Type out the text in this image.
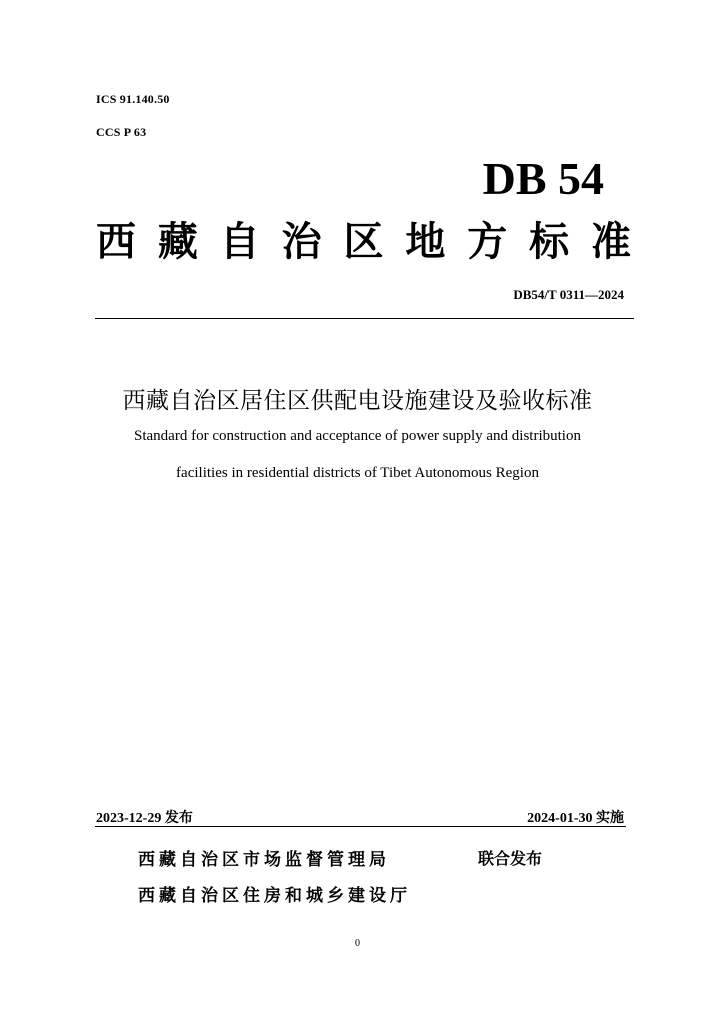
ICS 91.140.50
CCS P 63
DB 54
西 藏 自 治 区 地 方 标 准
DB54/T 0311—2024
西藏自治区居住区供配电设施建设及验收标准
Standard for construction and acceptance of power supply and distribution
facilities in residential districts of Tibet Autonomous Region
2023-12-29 发布	2024-01-30 实施
西藏自治区市场监督管理局	联合发布
西藏自治区住房和城乡建设厅
0
